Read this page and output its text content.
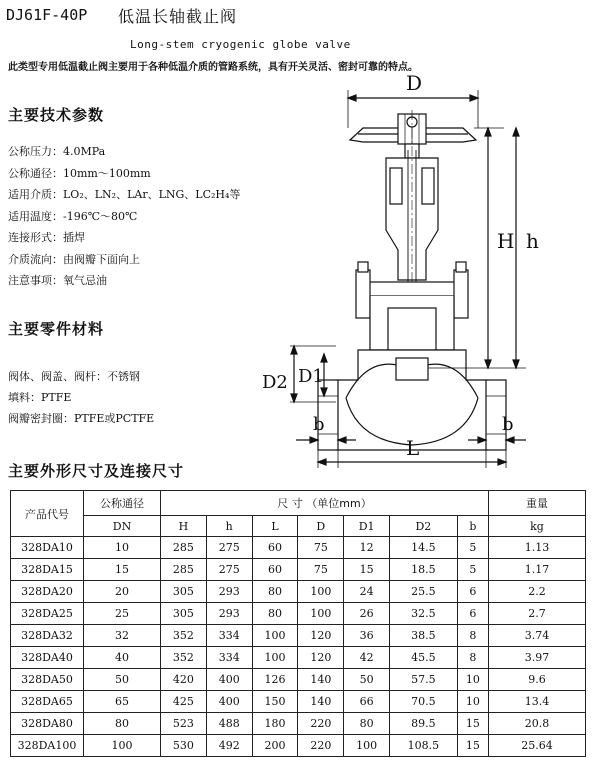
DJ61F-40P 低温长轴截止阀
Long-stem cryogenic globe valve
此类型专用低温截止阀主要用于各种低温介质的管路系统，具有开关灵活、密封可靠的特点。
主要技术参数
公称压力：4.0MPa
公称通径：10mm～100mm
适用介质：LO₂、LN₂、LAr、LNG、LC₂H₄等
适用温度：-196℃～80℃
连接形式：插焊
介质流向：由阀瓣下面向上
注意事项：氧气忌油
主要零件材料
阀体、阀盖、阀杆：不锈钢
填料：PTFE
阀瓣密封圈：PTFE或PCTFE
D
H h
D2 D1
b	b
L
主要外形尺寸及连接尺寸
产品代号	公称通径	尺 寸 （单位mm）							重量
	DN	H	h	L	D	D1	D2	b	kg
328DA10	10	285	275	60	75	12	14.5	5	1.13
328DA15	15	285	275	60	75	15	18.5	5	1.17
328DA20	20	305	293	80	100	24	25.5	6	2.2
328DA25	25	305	293	80	100	26	32.5	6	2.7
328DA32	32	352	334	100	120	36	38.5	8	3.74
328DA40	40	352	334	100	120	42	45.5	8	3.97
328DA50	50	420	400	126	140	50	57.5	10	9.6
328DA65	65	425	400	150	140	66	70.5	10	13.4
328DA80	80	523	488	180	220	80	89.5	15	20.8
328DA100	100	530	492	200	220	100	108.5	15	25.64
